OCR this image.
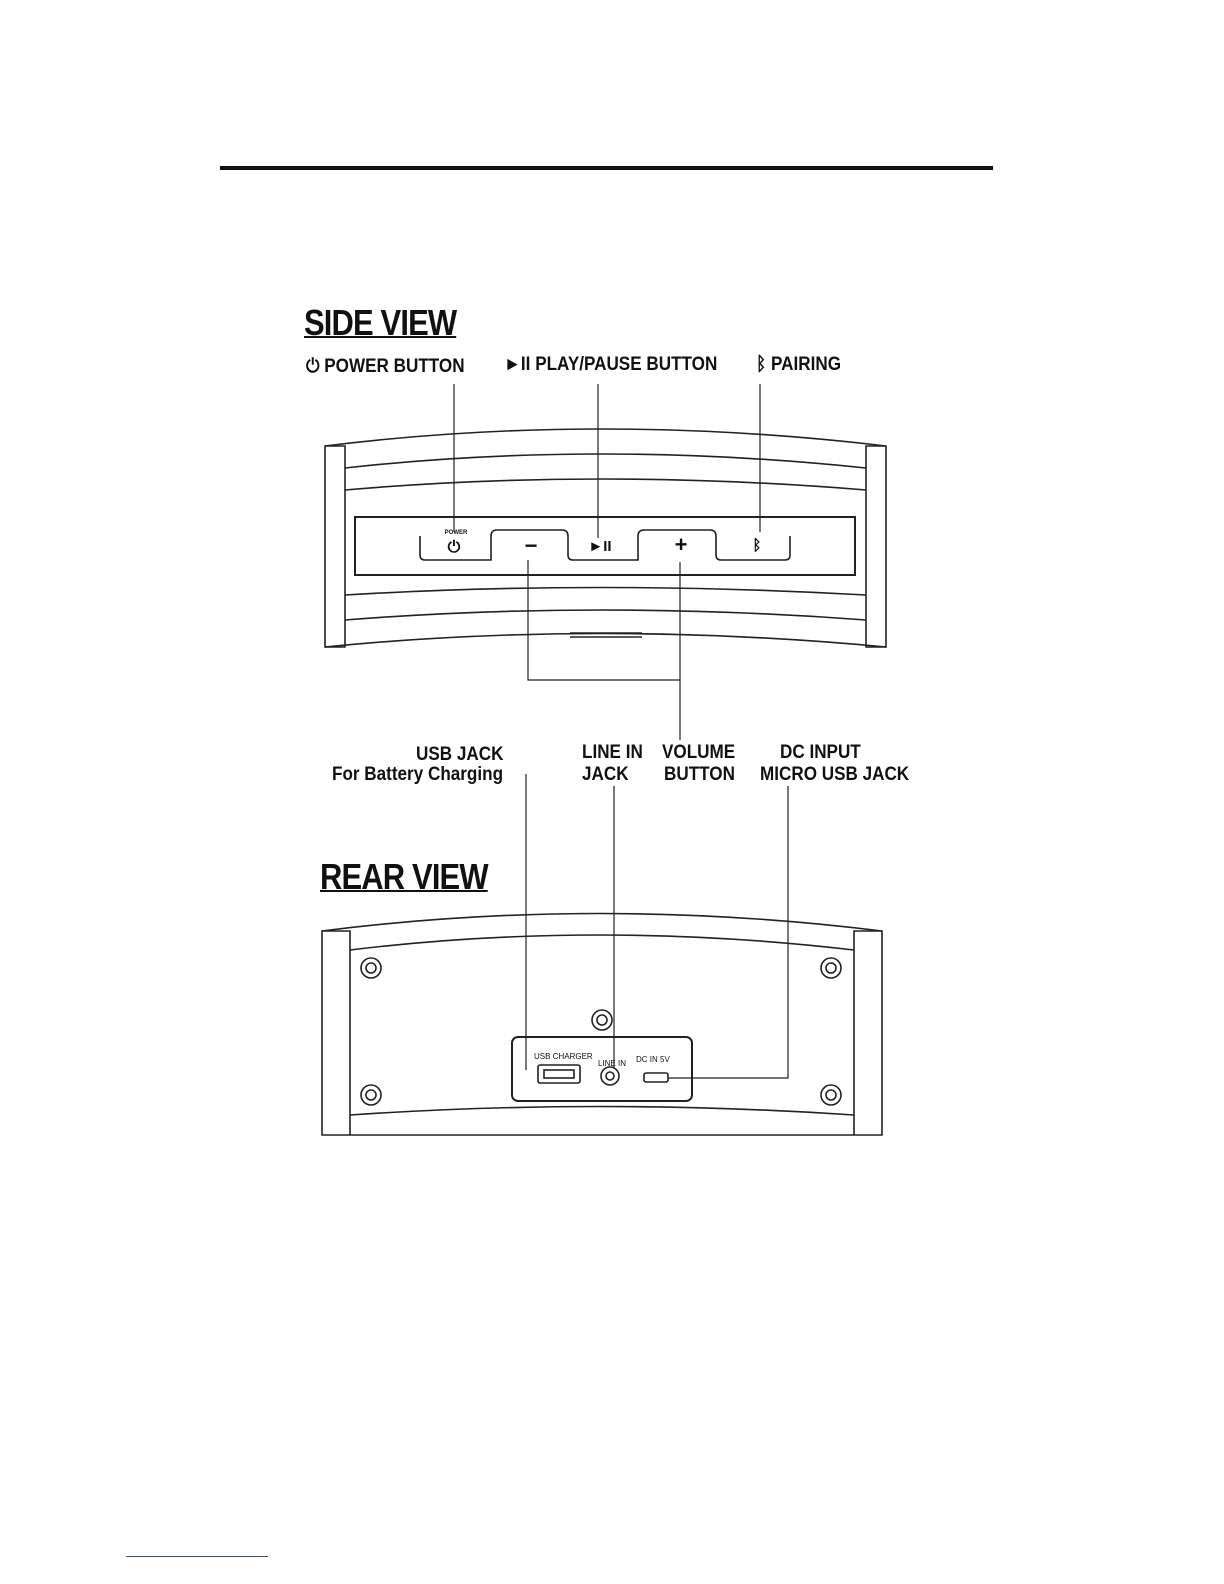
SIDE VIEW
⏻ POWER BUTTON ►II PLAY/PAUSE BUTTON ᛒ PAIRING
USB JACK
For Battery Charging
LINE IN
JACK
VOLUME
BUTTON
DC INPUT
MICRO USB JACK
REAR VIEW
POWER
⏻	−	►II	+	ᛒ
USB CHARGER
LINE IN DC IN 5V
